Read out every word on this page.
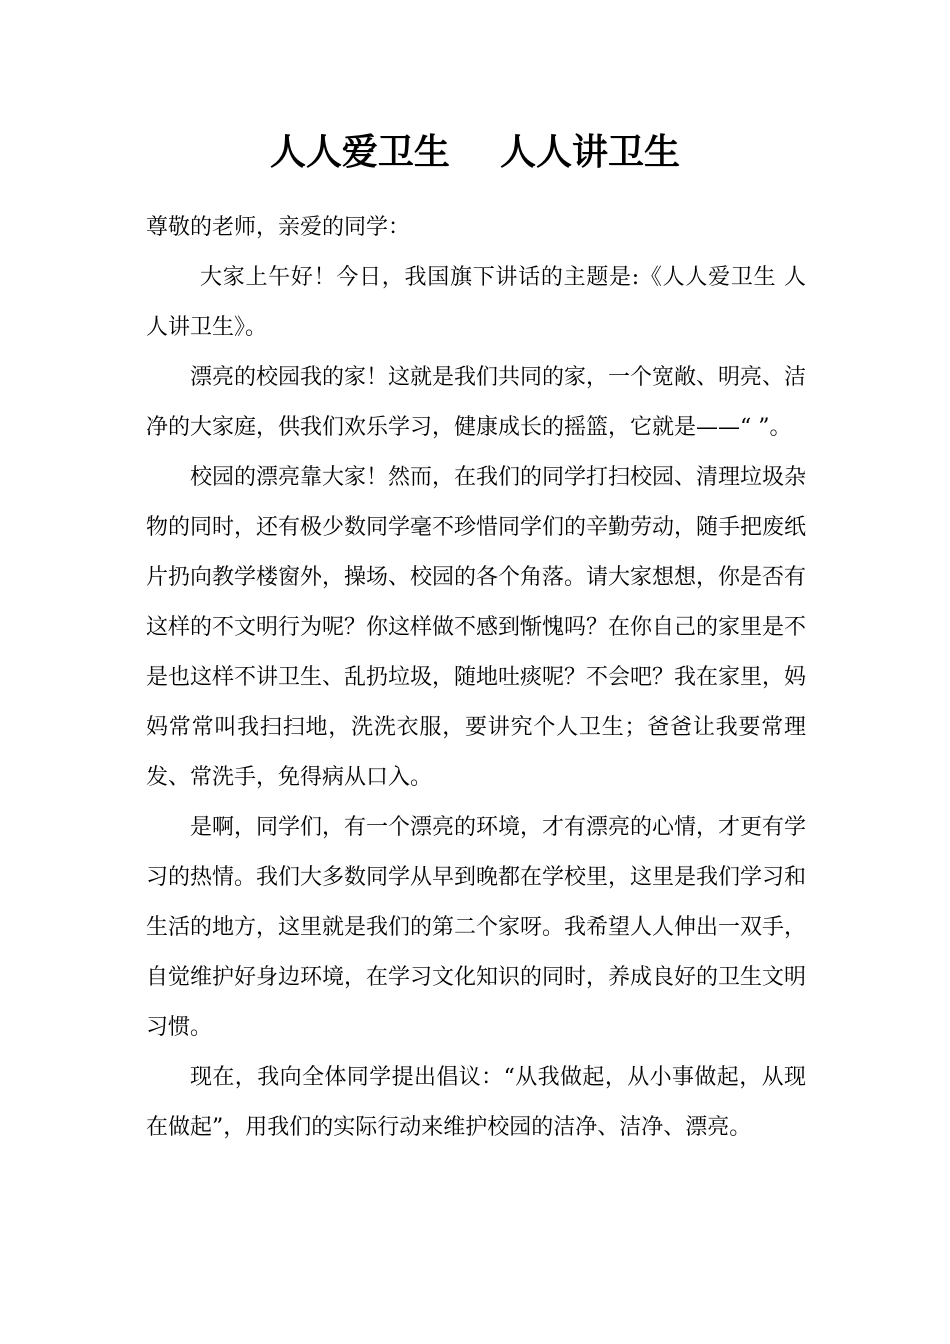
人人爱卫生    人人讲卫生

尊敬的老师，亲爱的同学：

大家上午好！今日，我国旗下讲话的主题是:《人人爱卫生 人人讲卫生》。

漂亮的校园我的家！这就是我们共同的家，一个宽敞、明亮、洁净的大家庭，供我们欢乐学习，健康成长的摇篮，它就是——“ ”。

校园的漂亮靠大家！然而，在我们的同学打扫校园、清理垃圾杂物的同时，还有极少数同学毫不珍惜同学们的辛勤劳动，随手把废纸片扔向教学楼窗外，操场、校园的各个角落。请大家想想，你是否有这样的不文明行为呢？你这样做不感到惭愧吗？在你自己的家里是不是也这样不讲卫生、乱扔垃圾，随地吐痰呢？不会吧？我在家里，妈妈常常叫我扫扫地，洗洗衣服，要讲究个人卫生；爸爸让我要常理发、常洗手，免得病从口入。

是啊，同学们，有一个漂亮的环境，才有漂亮的心情，才更有学习的热情。我们大多数同学从早到晚都在学校里，这里是我们学习和生活的地方，这里就是我们的第二个家呀。我希望人人伸出一双手，自觉维护好身边环境，在学习文化知识的同时，养成良好的卫生文明习惯。

现在，我向全体同学提出倡议：“从我做起，从小事做起，从现在做起”，用我们的实际行动来维护校园的洁净、洁净、漂亮。
